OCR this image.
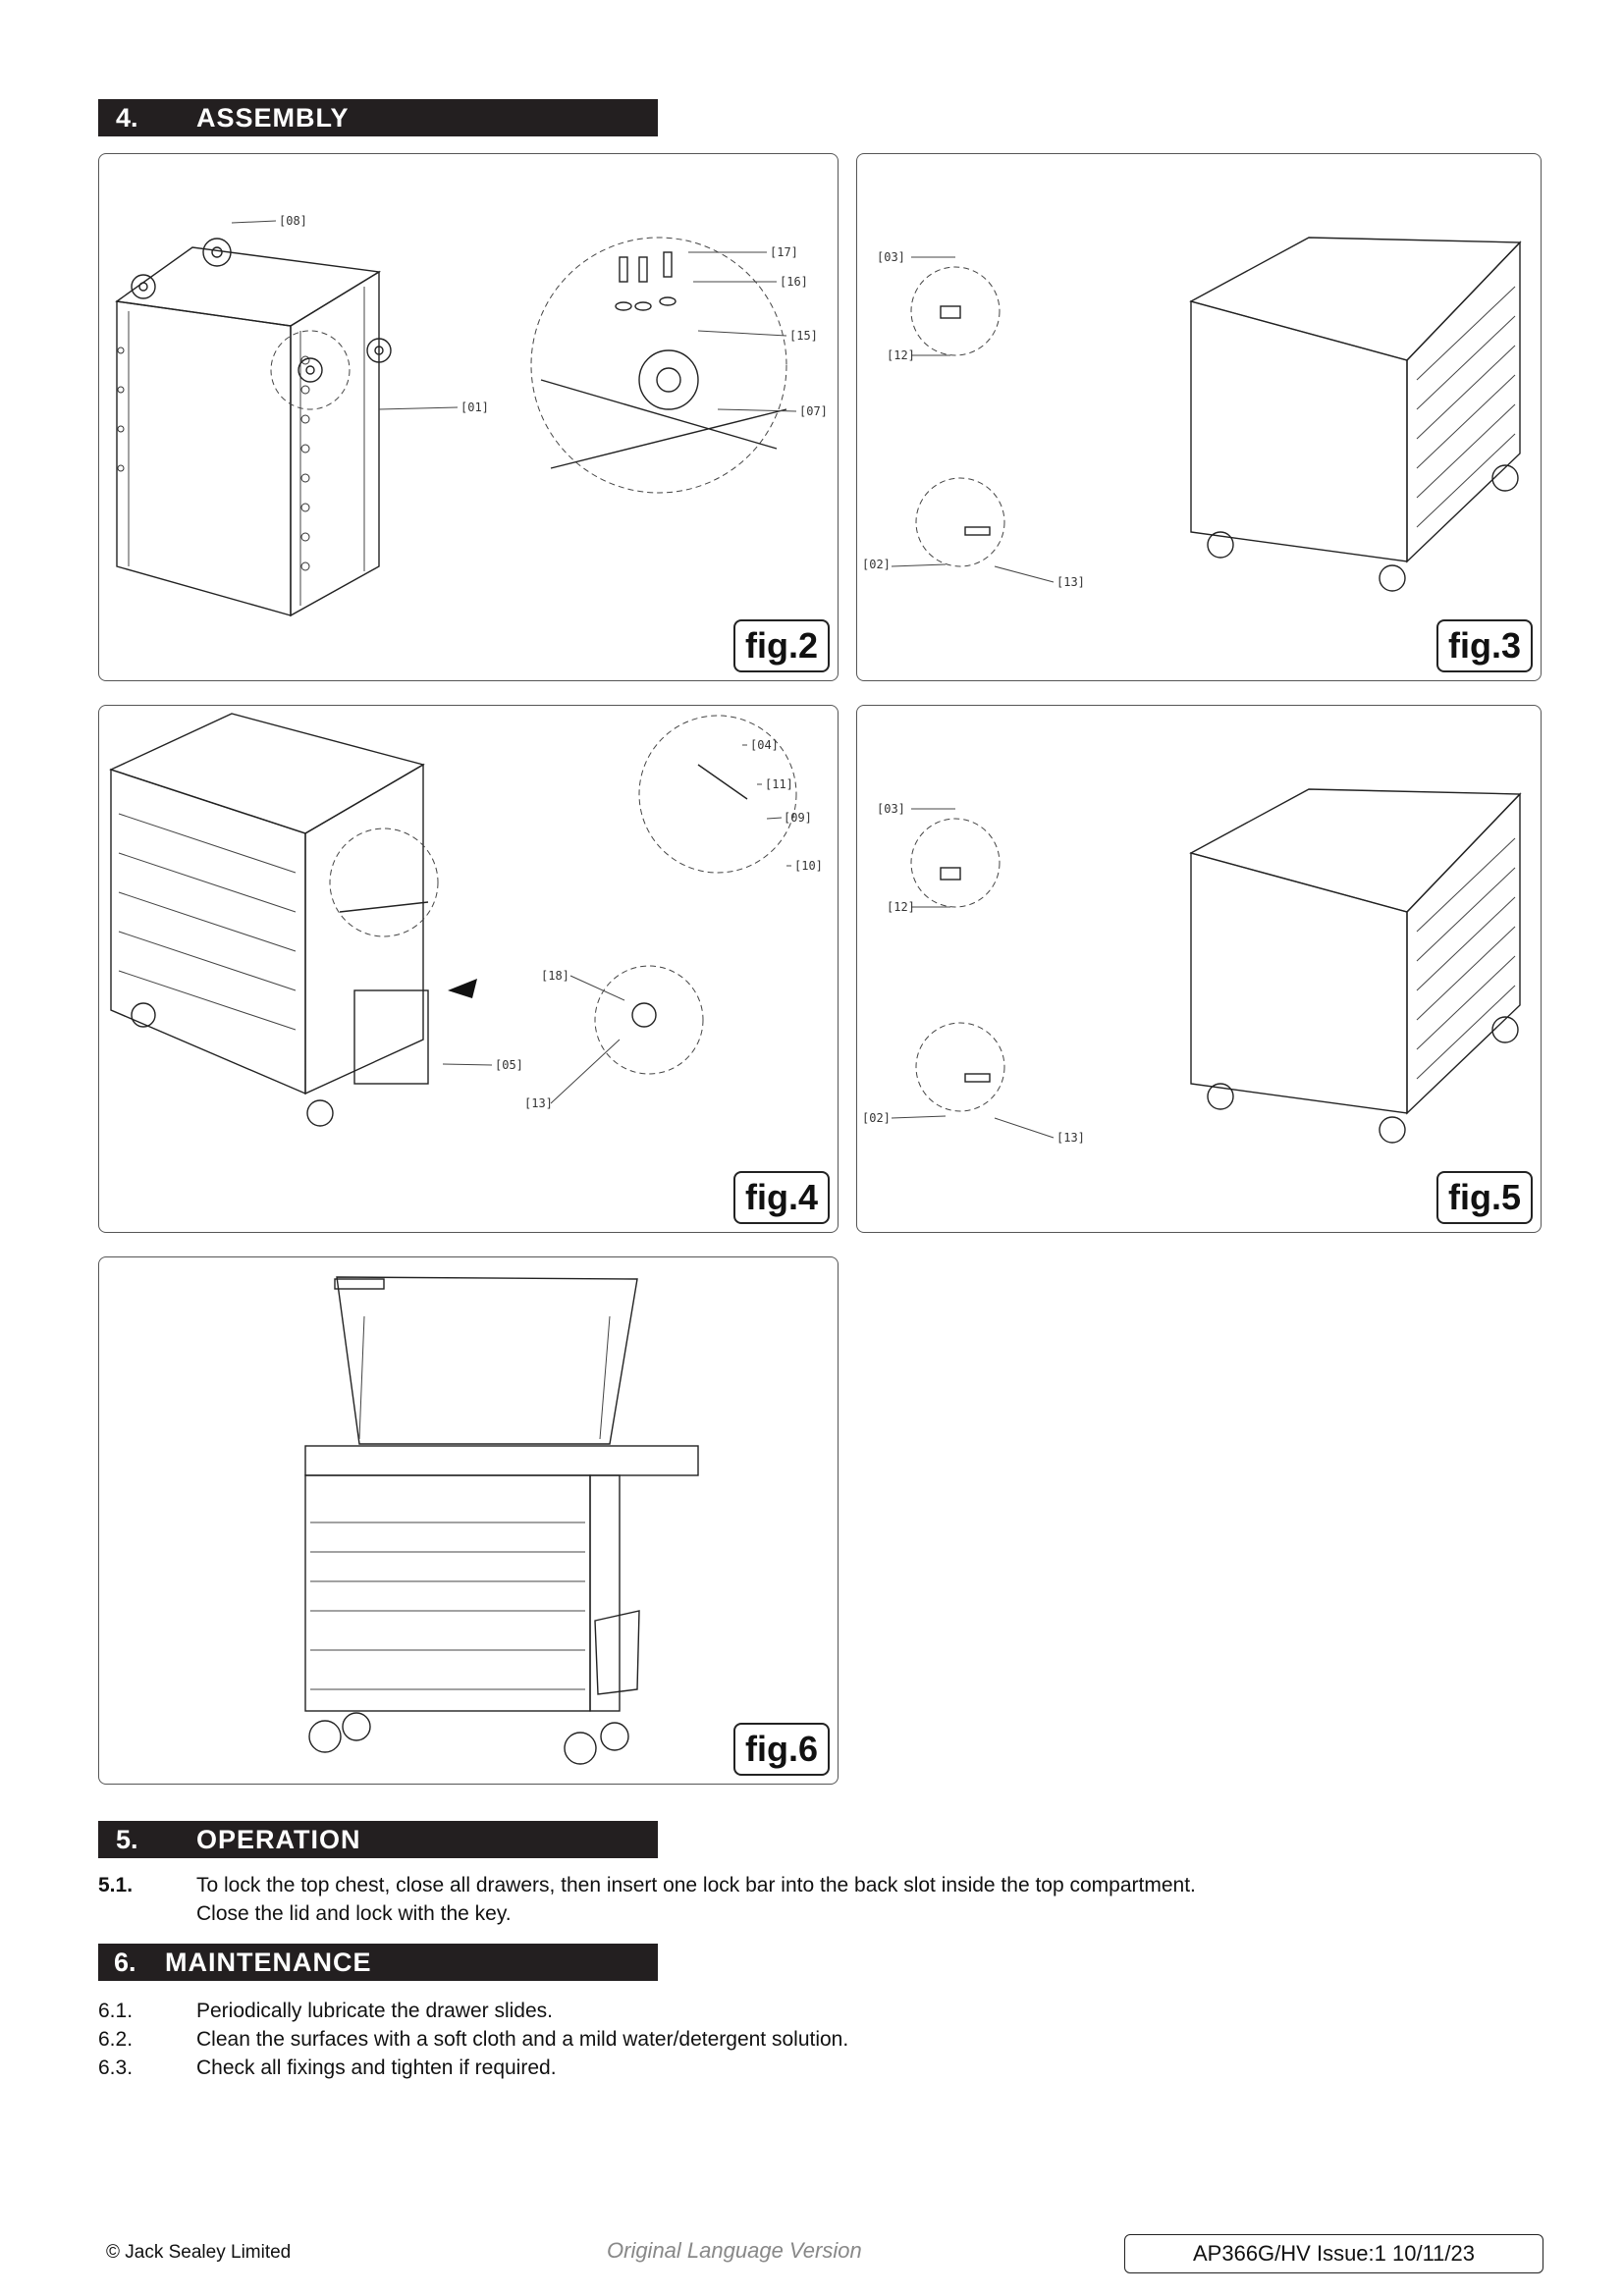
4. ASSEMBLY
[08]
[17]
[16]
[15]
[07]
[01]
fig.2
[03]
[12]
[02]
[13]
fig.3
[04]
[11]
[09]
[10]
[18]
[05]
[13]
fig.4
[03]
[12]
[02]
[13]
fig.5
fig.6
5. OPERATION
5.1.	To lock the top chest, close all drawers, then insert one lock bar into the back slot inside the top compartment.
Close the lid and lock with the key.
6. MAINTENANCE
6.1.	Periodically lubricate the drawer slides.
6.2.	Clean the surfaces with a soft cloth and a mild water/detergent solution.
6.3.	Check all fixings and tighten if required.
© Jack Sealey Limited	Original Language Version	AP366G/HV Issue:1 10/11/23
